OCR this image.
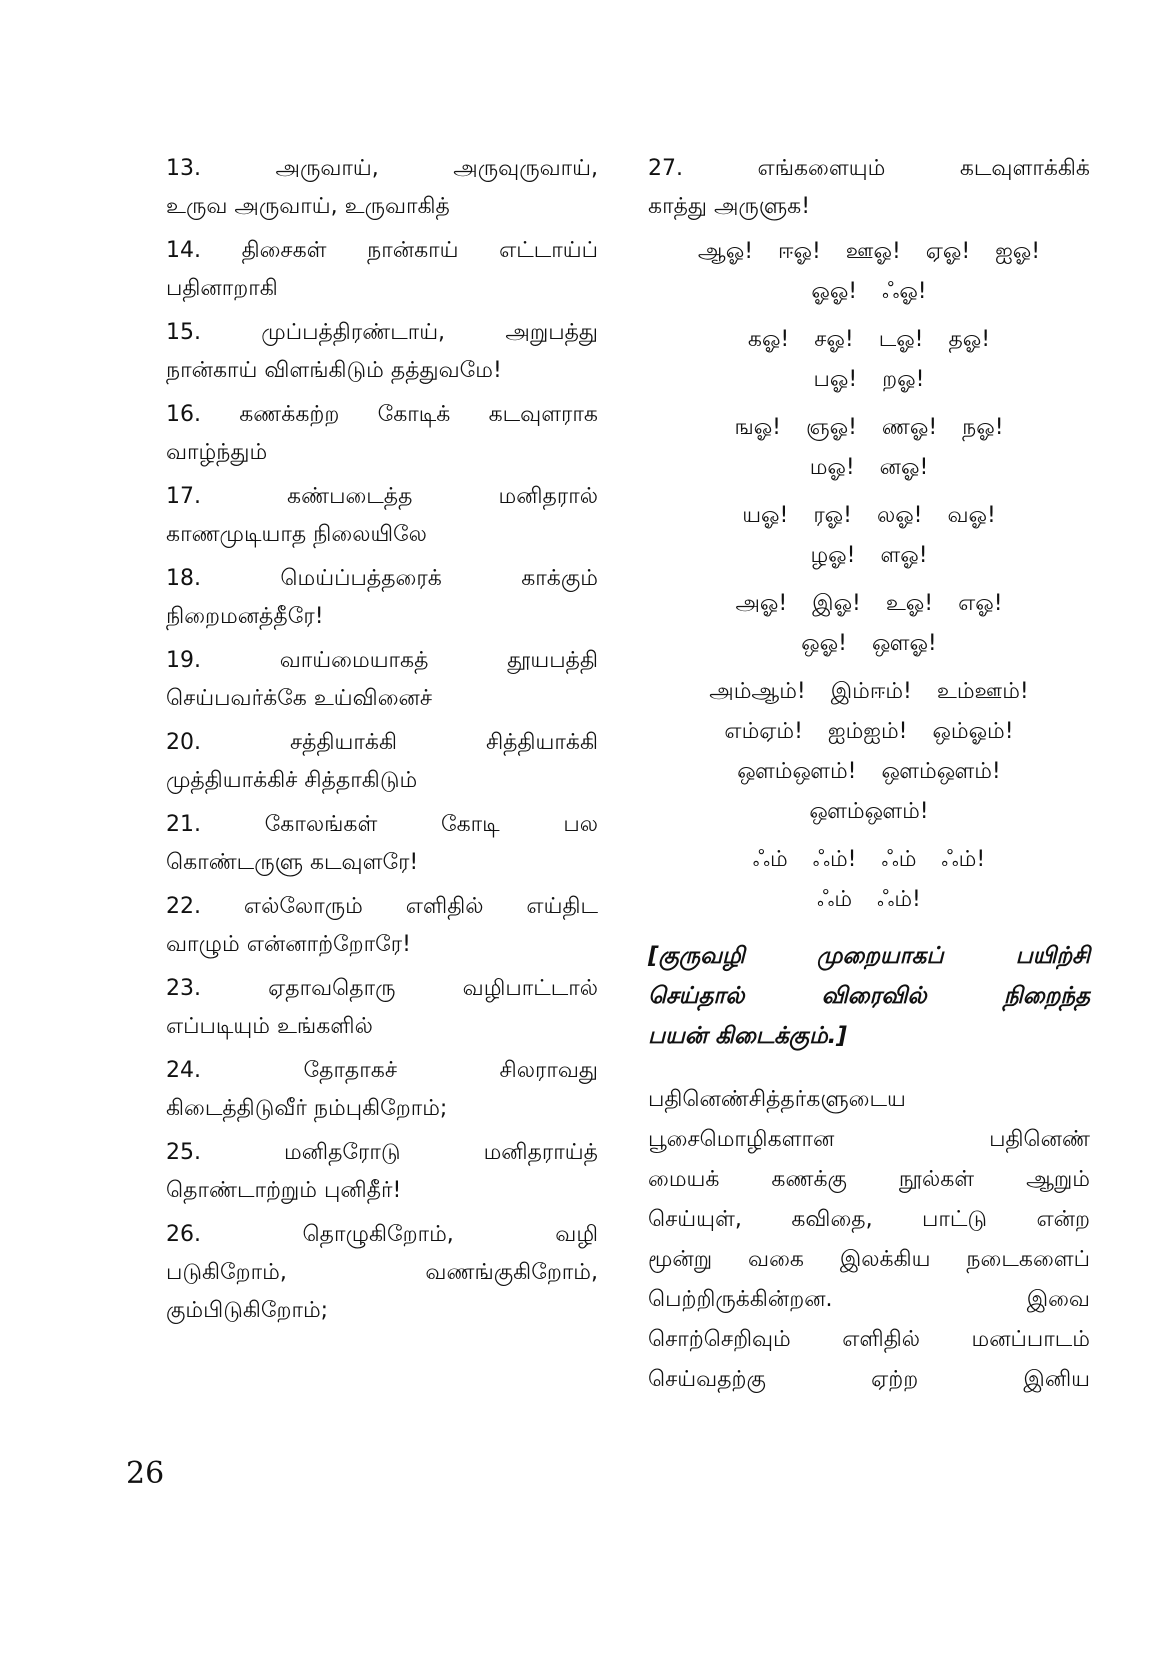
13. அருவாய், அருவுருவாய்,
உருவ அருவாய், உருவாகித்
14. திசைகள் நான்காய் எட்டாய்ப்
பதினாறாகி
15. முப்பத்திரண்டாய், அறுபத்து
நான்காய் விளங்கிடும் தத்துவமே!
16. கணக்கற்ற கோடிக் கடவுளராக
வாழ்ந்தும்
17. கண்படைத்த மனிதரால்
காணமுடியாத நிலையிலே
18. மெய்ப்பத்தரைக் காக்கும்
நிறைமனத்தீரே!
19. வாய்மையாகத் தூயபத்தி
செய்பவர்க்கே உய்வினைச்
20. சத்தியாக்கி சித்தியாக்கி
முத்தியாக்கிச் சித்தாகிடும்
21. கோலங்கள் கோடி பல
கொண்டருளு கடவுளரே!
22. எல்லோரும் எளிதில் எய்திட
வாழும் என்னாற்றோரே!
23. ஏதாவதொரு வழிபாட்டால்
எப்படியும் உங்களில்
24. தோதாகச் சிலராவது
கிடைத்திடுவீர் நம்புகிறோம்;
25. மனிதரோடு மனிதராய்த்
தொண்டாற்றும் புனிதீர்!
26. தொழுகிறோம், வழி
படுகிறோம், வணங்குகிறோம்,
கும்பிடுகிறோம்;
27. எங்களையும் கடவுளாக்கிக்
காத்து அருளுக!
ஆஓ! ஈஓ! ஊஓ! ஏஓ! ஐஓ!
ஓஓ! ஃஓ!
கஓ! சஓ! டஓ! தஓ!
பஓ! றஓ!
ஙஓ! ஞஓ! ணஓ! நஓ!
மஓ! னஓ!
யஓ! ரஓ! லஓ! வஓ!
ழஓ! ளஓ!
அஓ! இஓ! உஓ! எஓ!
ஒஓ! ஔஓ!
அம்ஆம்! இம்ஈம்! உம்ஊம்!
எம்ஏம்! ஐம்ஐம்! ஒம்ஓம்!
ஔம்ஔம்! ஔம்ஔம்!
ஔம்ஔம்!
ஃம் ஃம்! ஃம் ஃம்!
ஃம் ஃம்!
[குருவழி முறையாகப் பயிற்சி
செய்தால் விரைவில் நிறைந்த
பயன் கிடைக்கும்.]
பதினெண்சித்தர்களுடைய
பூசைமொழிகளான பதினெண்
மையக் கணக்கு நூல்கள் ஆறும்
செய்யுள், கவிதை, பாட்டு என்ற
மூன்று வகை இலக்கிய நடைகளைப்
பெற்றிருக்கின்றன. இவை
சொற்செறிவும் எளிதில் மனப்பாடம்
செய்வதற்கு ஏற்ற இனிய
26
